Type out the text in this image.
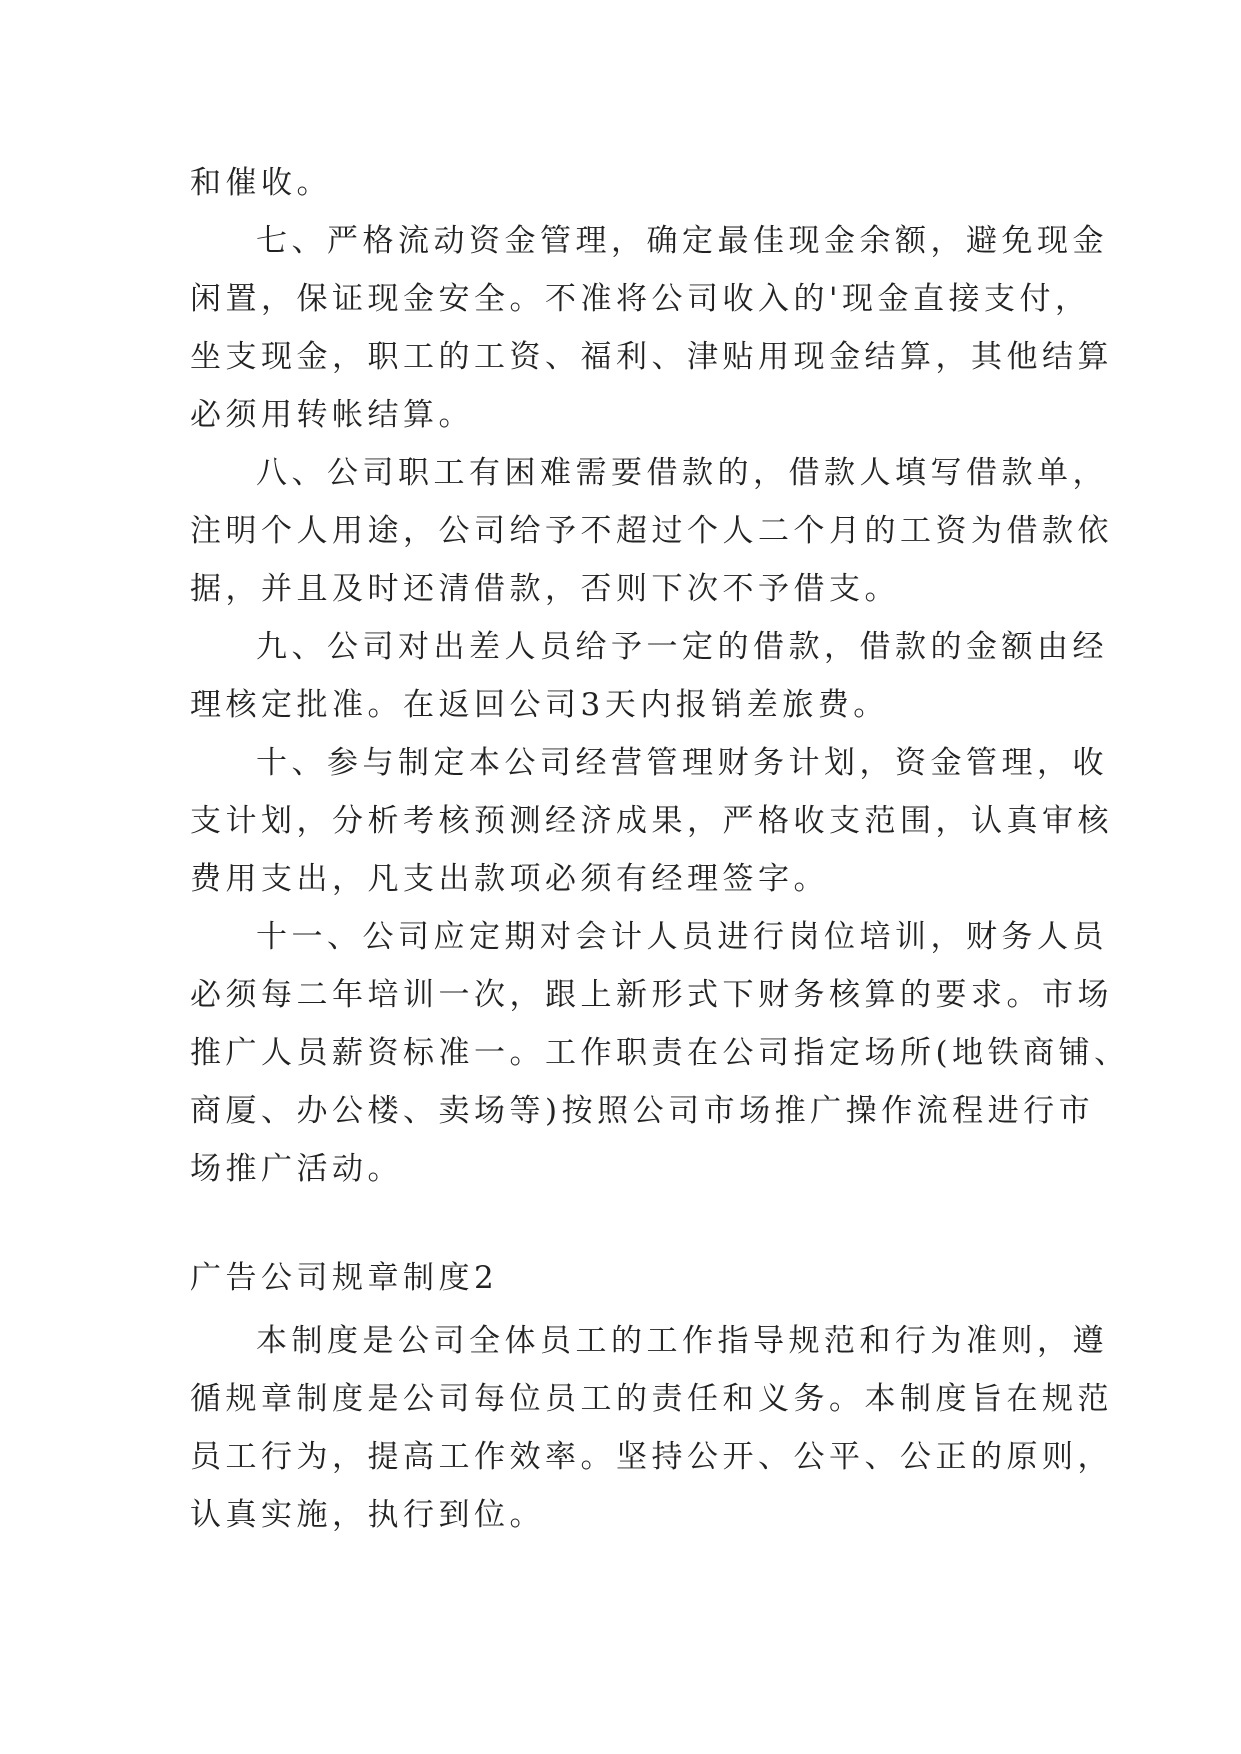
和催收。
七、严格流动资金管理，确定最佳现金余额，避免现金
闲置，保证现金安全。不准将公司收入的'现金直接支付，
坐支现金，职工的工资、福利、津贴用现金结算，其他结算
必须用转帐结算。
八、公司职工有困难需要借款的，借款人填写借款单，
注明个人用途，公司给予不超过个人二个月的工资为借款依
据，并且及时还清借款，否则下次不予借支。
九、公司对出差人员给予一定的借款，借款的金额由经
理核定批准。在返回公司3天内报销差旅费。
十、参与制定本公司经营管理财务计划，资金管理，收
支计划，分析考核预测经济成果，严格收支范围，认真审核
费用支出，凡支出款项必须有经理签字。
十一、公司应定期对会计人员进行岗位培训，财务人员
必须每二年培训一次，跟上新形式下财务核算的要求。市场
推广人员薪资标准一。工作职责在公司指定场所(地铁商铺、
商厦、办公楼、卖场等)按照公司市场推广操作流程进行市
场推广活动。
广告公司规章制度2
本制度是公司全体员工的工作指导规范和行为准则，遵
循规章制度是公司每位员工的责任和义务。本制度旨在规范
员工行为，提高工作效率。坚持公开、公平、公正的原则，
认真实施，执行到位。
